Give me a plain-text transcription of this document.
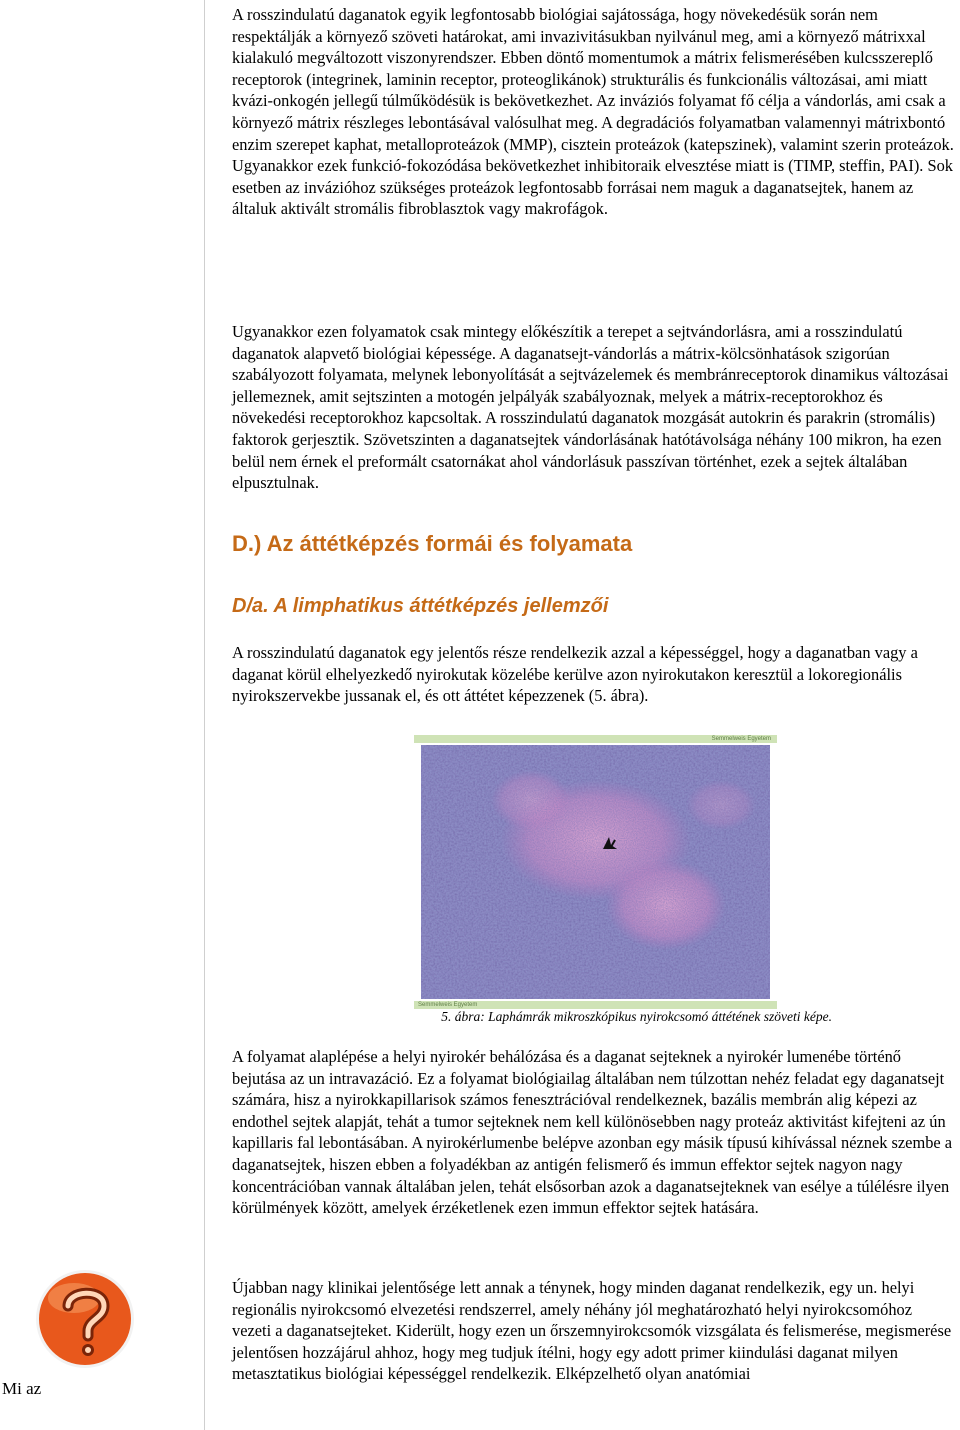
A rosszindulatú daganatok egyik legfontosabb biológiai sajátossága, hogy növekedésük során nem respektálják a környező szöveti határokat, ami invazivitásukban nyilvánul meg, ami a környező mátrixxal kialakuló megváltozott viszonyrendszer. Ebben döntő momentumok a mátrix felismerésében kulcsszereplő receptorok (integrinek, laminin receptor, proteoglikánok) strukturális és funkcionális változásai, ami miatt kvázi-onkogén jellegű túlműködésük is bekövetkezhet. Az inváziós folyamat fő célja a vándorlás, ami csak a környező mátrix részleges lebontásával valósulhat meg. A degradációs folyamatban valamennyi mátrixbontó enzim szerepet kaphat, metalloproteázok (MMP), cisztein proteázok (katepszinek), valamint szerin proteázok. Ugyanakkor ezek funkció-fokozódása bekövetkezhet inhibitoraik elvesztése miatt is (TIMP, steffin, PAI). Sok esetben az invázióhoz szükséges proteázok legfontosabb forrásai nem maguk a daganatsejtek, hanem az általuk aktivált stromális fibroblasztok vagy makrofágok.

Ugyanakkor ezen folyamatok csak mintegy előkészítik a terepet a sejtvándorlásra, ami a rosszindulatú daganatok alapvető biológiai képessége. A daganatsejt-vándorlás a mátrix-kölcsönhatások szigorúan szabályozott folyamata, melynek lebonyolítását a sejtvázelemek és membránreceptorok dinamikus változásai jellemeznek, amit sejtszinten a motogén jelpályák szabályoznak, melyek a mátrix-receptorokhoz és növekedési receptorokhoz kapcsoltak. A rosszindulatú daganatok mozgását autokrin és parakrin (stromális) faktorok gerjesztik. Szövetszinten a daganatsejtek vándorlásának hatótávolsága néhány 100 mikron, ha ezen belül nem érnek el preformált csatornákat ahol vándorlásuk passzívan történhet, ezek a sejtek általában elpusztulnak.

D.) Az áttétképzés formái és folyamata
D/a. A limphatikus áttétképzés jellemzői

A rosszindulatú daganatok egy jelentős része rendelkezik azzal a képességgel, hogy a daganatban vagy a daganat körül elhelyezkedő nyirokutak közelébe kerülve azon nyirokutakon keresztül a lokoregionális nyirokszervekbe jussanak el, és ott áttétet képezzenek (5. ábra).

Semmelweis Egyetem
Semmelweis Egyetem

5. ábra: Laphámrák mikroszkópikus nyirokcsomó áttétének szöveti képe.

A folyamat alaplépése a helyi nyirokér behálózása és a daganat sejteknek a nyirokér lumenébe történő bejutása az un intravazáció. Ez a folyamat biológiailag általában nem túlzottan nehéz feladat egy daganatsejt számára, hisz a nyirokkapillarisok számos fenesztrációval rendelkeznek, bazális membrán alig képezi az endothel sejtek alapját, tehát a tumor sejteknek nem kell különösebben nagy proteáz aktivitást kifejteni az ún kapillaris fal lebontásában. A nyirokérlumenbe belépve azonban egy másik típusú kihívással néznek szembe a daganatsejtek, hiszen ebben a folyadékban az antigén felismerő és immun effektor sejtek nagyon nagy koncentrációban vannak általában jelen, tehát elsősorban azok a daganatsejteknek van esélye a túlélésre ilyen körülmények között, amelyek érzéketlenek ezen immun effektor sejtek hatására.

Újabban nagy klinikai jelentősége lett annak a ténynek, hogy minden daganat rendelkezik, egy un. helyi regionális nyirokcsomó elvezetési rendszerrel, amely néhány jól meghatározható helyi nyirokcsomóhoz vezeti a daganatsejteket. Kiderült, hogy ezen un őrszemnyirokcsomók vizsgálata és felismerése, megismerése jelentősen hozzájárul ahhoz, hogy meg tudjuk ítélni, hogy egy adott primer kiindulási daganat milyen metasztatikus biológiai képességgel rendelkezik. Elképzelhető olyan anatómiai

Mi az
